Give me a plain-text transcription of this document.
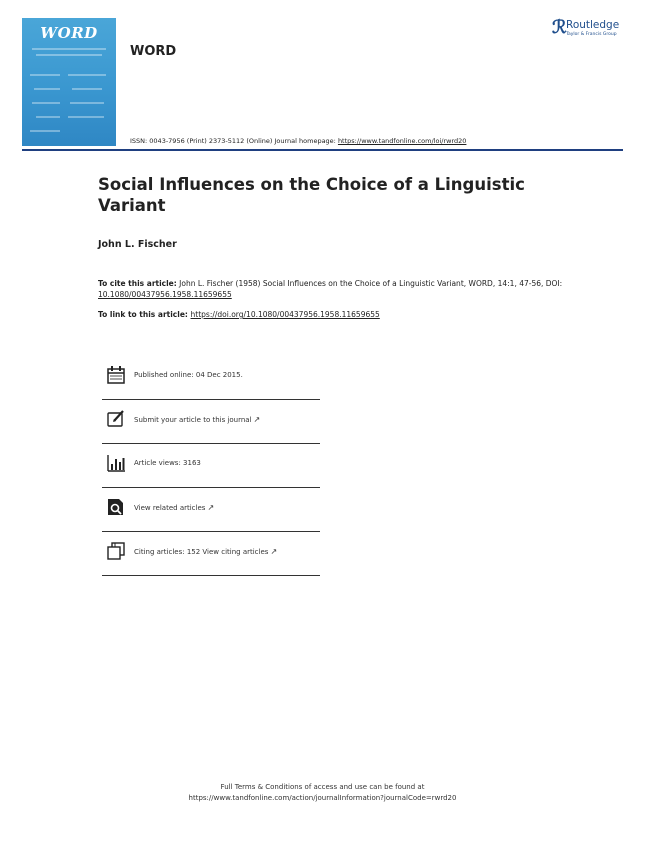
WORD
WORD
ℛ Routledge
Taylor & Francis Group
ISSN: 0043-7956 (Print) 2373-5112 (Online) Journal homepage: https://www.tandfonline.com/loi/rwrd20
Social Influences on the Choice of a Linguistic Variant
John L. Fischer
To cite this article: John L. Fischer (1958) Social Influences on the Choice of a Linguistic Variant, WORD, 14:1, 47-56, DOI: 10.1080/00437956.1958.11659655
To link to this article: https://doi.org/10.1080/00437956.1958.11659655
Published online: 04 Dec 2015.
Submit your article to this journal ↗
Article views: 3163
View related articles ↗
Citing articles: 152 View citing articles ↗
Full Terms & Conditions of access and use can be found at
https://www.tandfonline.com/action/journalInformation?journalCode=rwrd20
